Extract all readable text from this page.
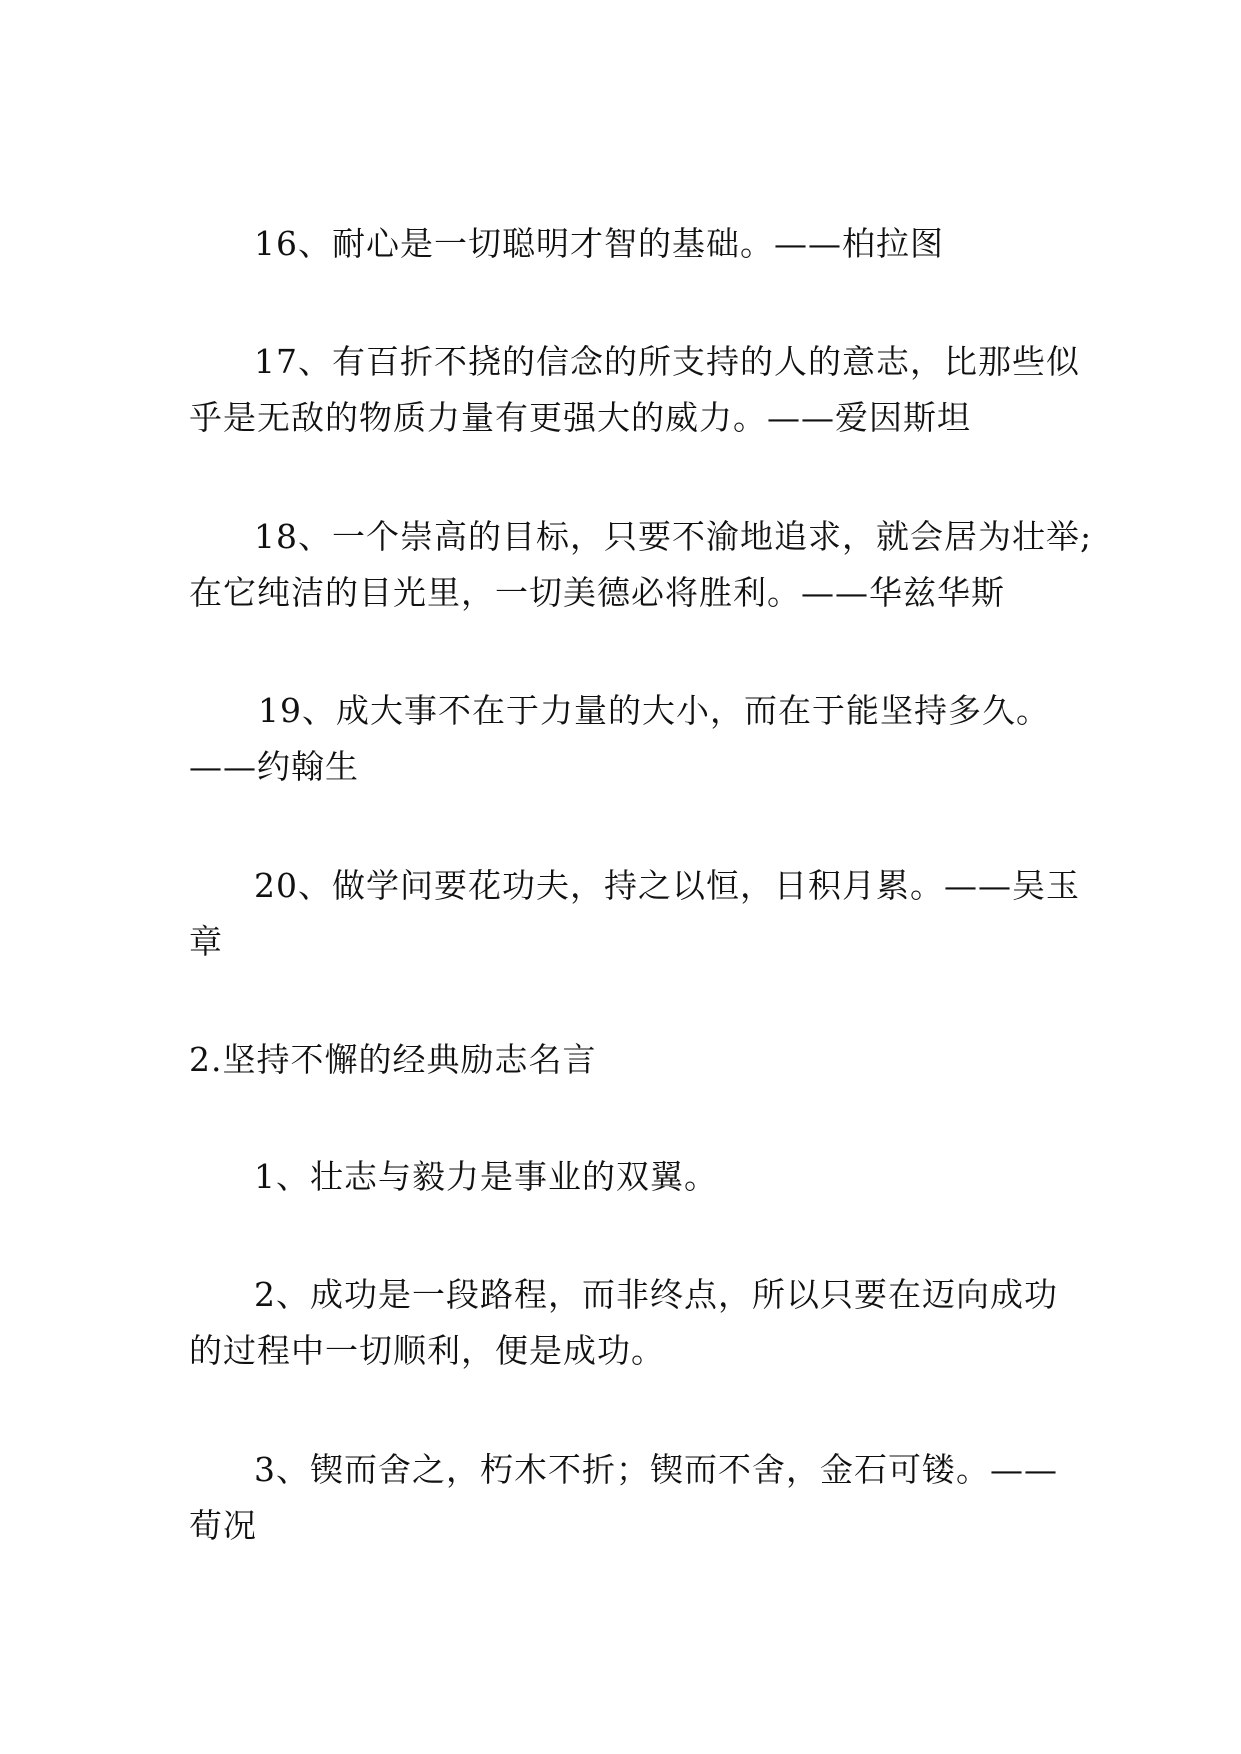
16、耐心是一切聪明才智的基础。——柏拉图
17、有百折不挠的信念的所支持的人的意志，比那些似
乎是无敌的物质力量有更强大的威力。——爱因斯坦
18、一个崇高的目标，只要不渝地追求，就会居为壮举;
在它纯洁的目光里，一切美德必将胜利。——华兹华斯
19、成大事不在于力量的大小，而在于能坚持多久。
——约翰生
20、做学问要花功夫，持之以恒，日积月累。——吴玉
章
2.坚持不懈的经典励志名言
1、壮志与毅力是事业的双翼。
2、成功是一段路程，而非终点，所以只要在迈向成功
的过程中一切顺利，便是成功。
3、锲而舍之，朽木不折；锲而不舍，金石可镂。——
荀况
